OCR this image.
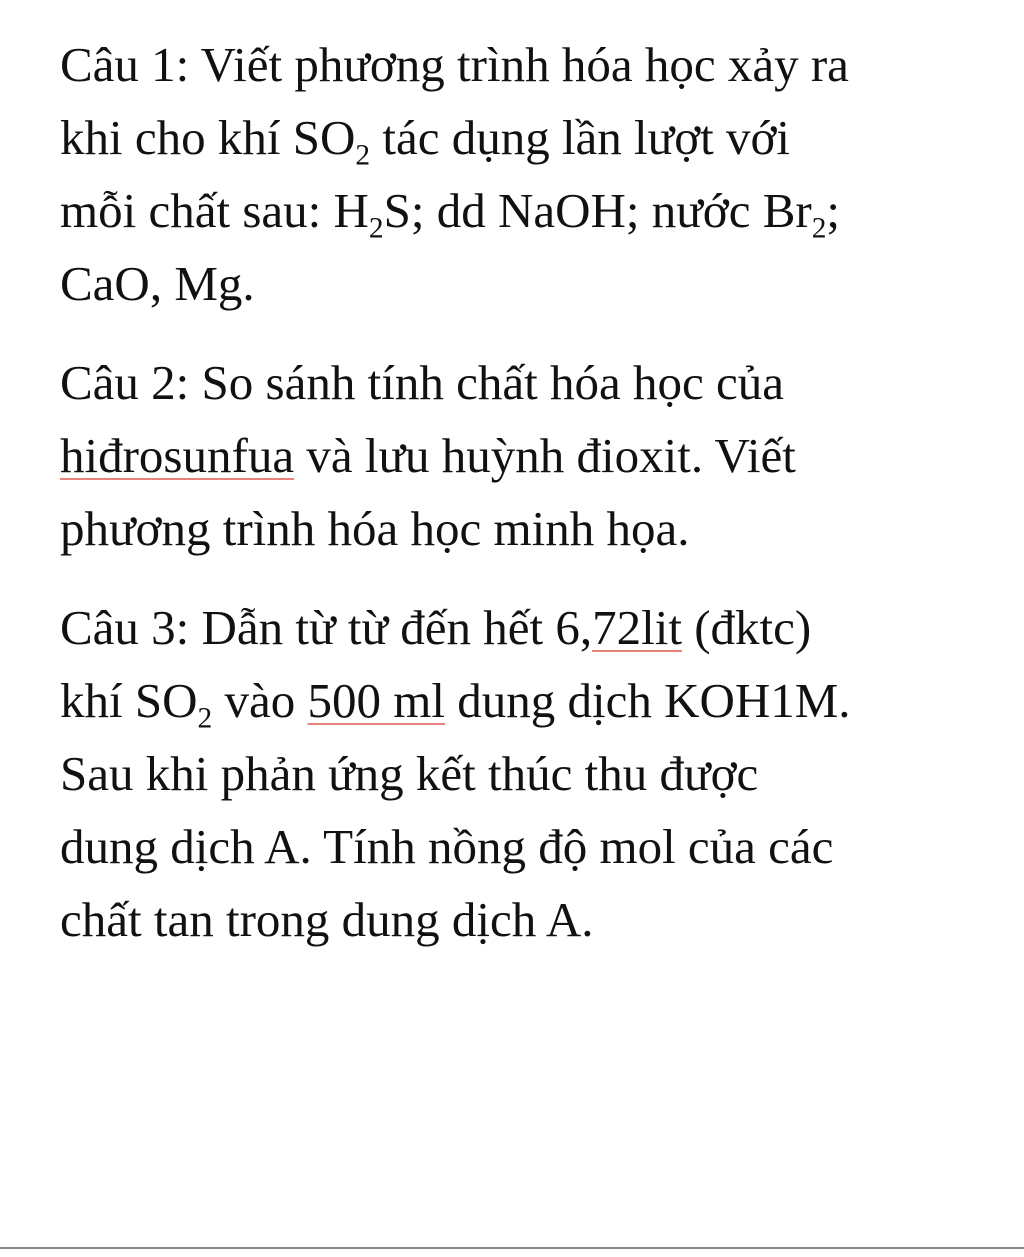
Câu 1: Viết phương trình hóa học xảy ra
khi cho khí $SO_2$ tác dụng lần lượt với
mỗi chất sau: $H_2S$; dd NaOH; nước $Br_2$;
CaO, Mg.
Câu 2: So sánh tính chất hóa học của
hiđrosunfua và lưu huỳnh đioxit. Viết
phương trình hóa học minh họa.
Câu 3: Dẫn từ từ đến hết 6,72lit (đktc)
khí $SO_2$ vào 500 ml dung dịch KOH1M.
Sau khi phản ứng kết thúc thu được
dung dịch A. Tính nồng độ mol của các
chất tan trong dung dịch A.
